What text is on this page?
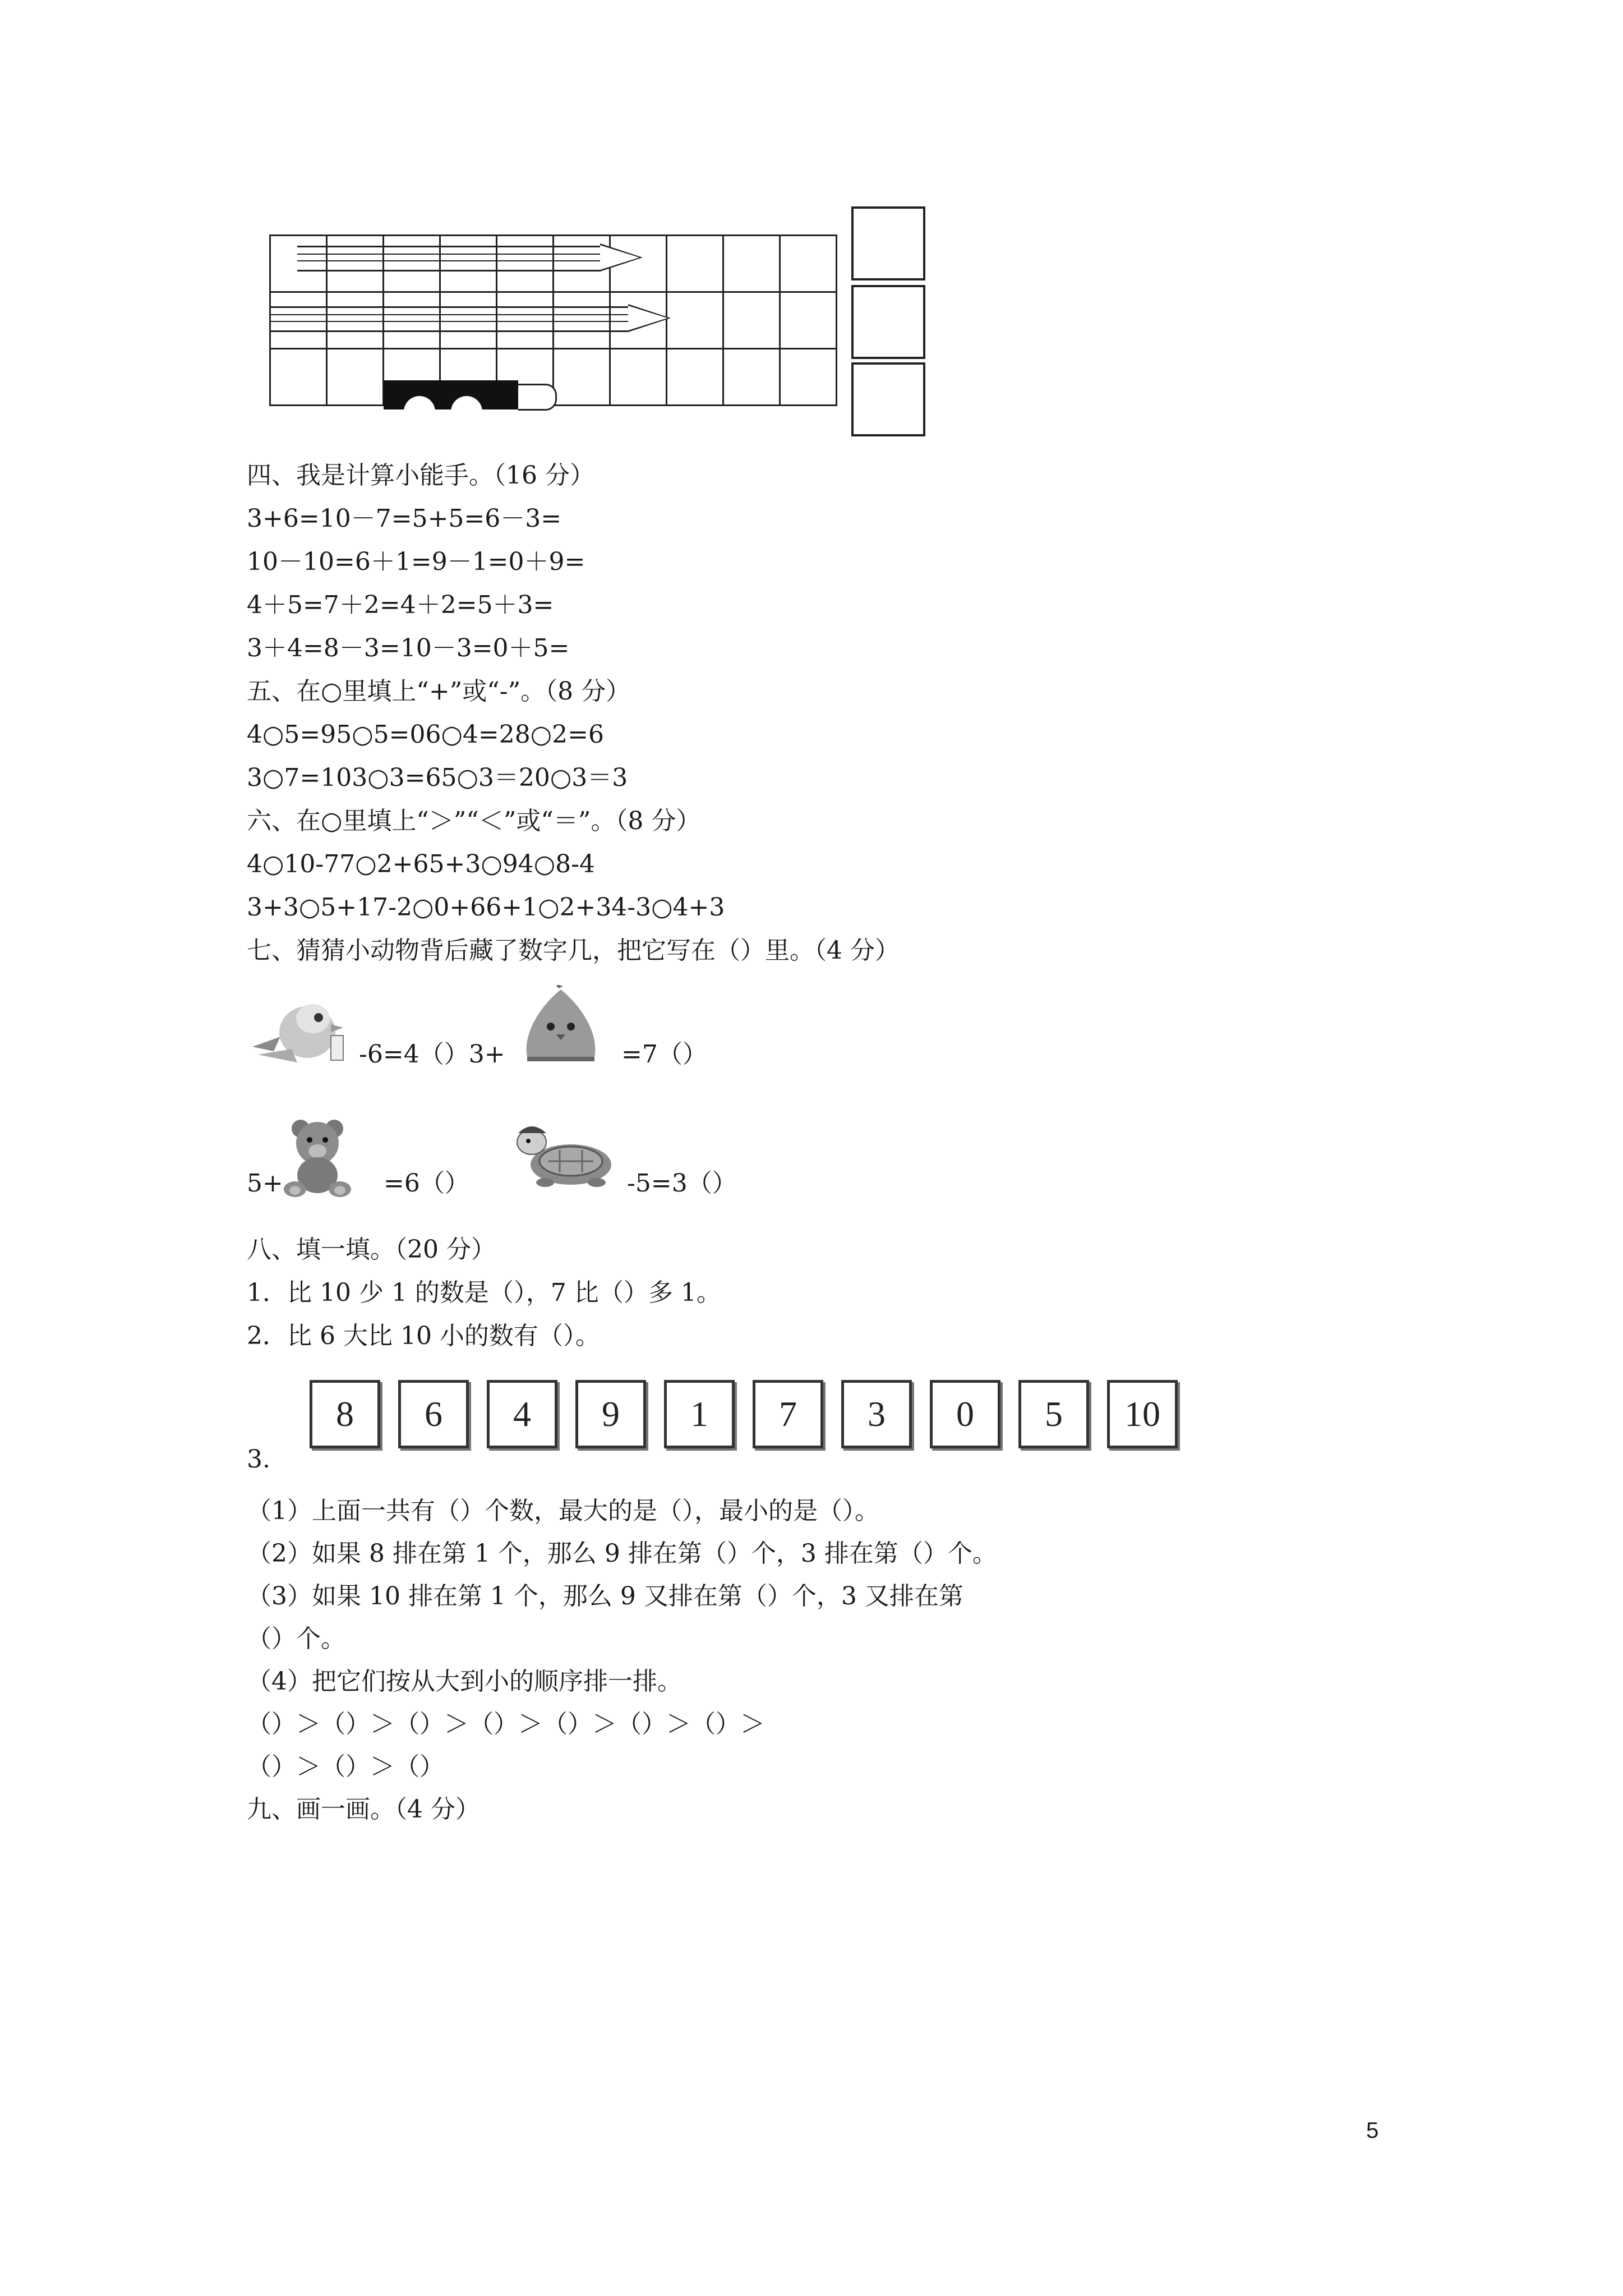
四、我是计算小能手。（16 分）
3+6=10－7=5+5=6－3=
10－10=6＋1=9－1=0＋9=
4＋5=7＋2=4＋2=5＋3=
3＋4=8－3=10－3=0＋5=
五、在○里填上“+”或“-”。（8 分）
4○5=95○5=06○4=28○2=6
3○7=103○3=65○3＝20○3＝3
六、在○里填上“＞”“＜”或“＝”。（8 分）
4○10-77○2+65+3○94○8-4
3+3○5+17-2○0+66+1○2+34-3○4+3
七、猜猜小动物背后藏了数字几，把它写在（）里。（4 分）
-6=4（）3+	=7（）
5+	=6（）	-5=3（）
八、填一填。（20 分）
1．比 10 少 1 的数是（），7 比（）多 1。
2．比 6 大比 10 小的数有（）。
8	6	4	9	1	7	3	0	5	10
3.
（1）上面一共有（）个数，最大的是（），最小的是（）。
（2）如果 8 排在第 1 个，那么 9 排在第（）个，3 排在第（）个。
（3）如果 10 排在第 1 个，那么 9 又排在第（）个，3 又排在第
（）个。
（4）把它们按从大到小的顺序排一排。
（）＞（）＞（）＞（）＞（）＞（）＞（）＞
（）＞（）＞（）
九、画一画。（4 分）
5
